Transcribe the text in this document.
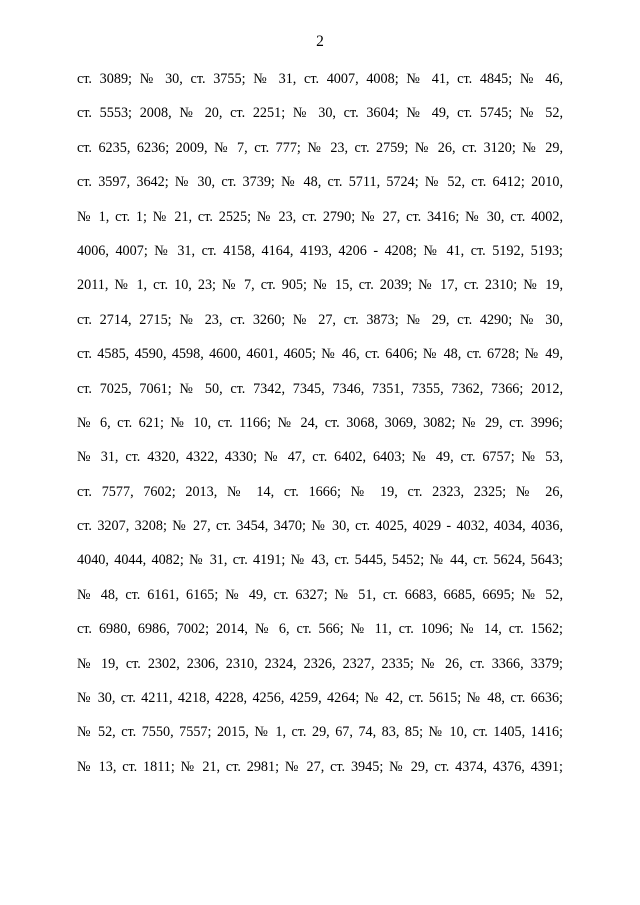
2
ст. 3089; № 30, ст. 3755; № 31, ст. 4007, 4008; № 41, ст. 4845; № 46,
ст. 5553; 2008, № 20, ст. 2251; № 30, ст. 3604; № 49, ст. 5745; № 52,
ст. 6235, 6236; 2009, № 7, ст. 777; № 23, ст. 2759; № 26, ст. 3120; № 29,
ст. 3597, 3642; № 30, ст. 3739; № 48, ст. 5711, 5724; № 52, ст. 6412; 2010,
№ 1, ст. 1; № 21, ст. 2525; № 23, ст. 2790; № 27, ст. 3416; № 30, ст. 4002,
4006, 4007; № 31, ст. 4158, 4164, 4193, 4206 - 4208; № 41, ст. 5192, 5193;
2011, № 1, ст. 10, 23; № 7, ст. 905; № 15, ст. 2039; № 17, ст. 2310; № 19,
ст. 2714, 2715; № 23, ст. 3260; № 27, ст. 3873; № 29, ст. 4290; № 30,
ст. 4585, 4590, 4598, 4600, 4601, 4605; № 46, ст. 6406; № 48, ст. 6728; № 49,
ст. 7025, 7061; № 50, ст. 7342, 7345, 7346, 7351, 7355, 7362, 7366; 2012,
№ 6, ст. 621; № 10, ст. 1166; № 24, ст. 3068, 3069, 3082; № 29, ст. 3996;
№ 31, ст. 4320, 4322, 4330; № 47, ст. 6402, 6403; № 49, ст. 6757; № 53,
ст. 7577, 7602; 2013, № 14, ст. 1666; № 19, ст. 2323, 2325; № 26,
ст. 3207, 3208; № 27, ст. 3454, 3470; № 30, ст. 4025, 4029 - 4032, 4034, 4036,
4040, 4044, 4082; № 31, ст. 4191; № 43, ст. 5445, 5452; № 44, ст. 5624, 5643;
№ 48, ст. 6161, 6165; № 49, ст. 6327; № 51, ст. 6683, 6685, 6695; № 52,
ст. 6980, 6986, 7002; 2014, № 6, ст. 566; № 11, ст. 1096; № 14, ст. 1562;
№ 19, ст. 2302, 2306, 2310, 2324, 2326, 2327, 2335; № 26, ст. 3366, 3379;
№ 30, ст. 4211, 4218, 4228, 4256, 4259, 4264; № 42, ст. 5615; № 48, ст. 6636;
№ 52, ст. 7550, 7557; 2015, № 1, ст. 29, 67, 74, 83, 85; № 10, ст. 1405, 1416;
№ 13, ст. 1811; № 21, ст. 2981; № 27, ст. 3945; № 29, ст. 4374, 4376, 4391;
